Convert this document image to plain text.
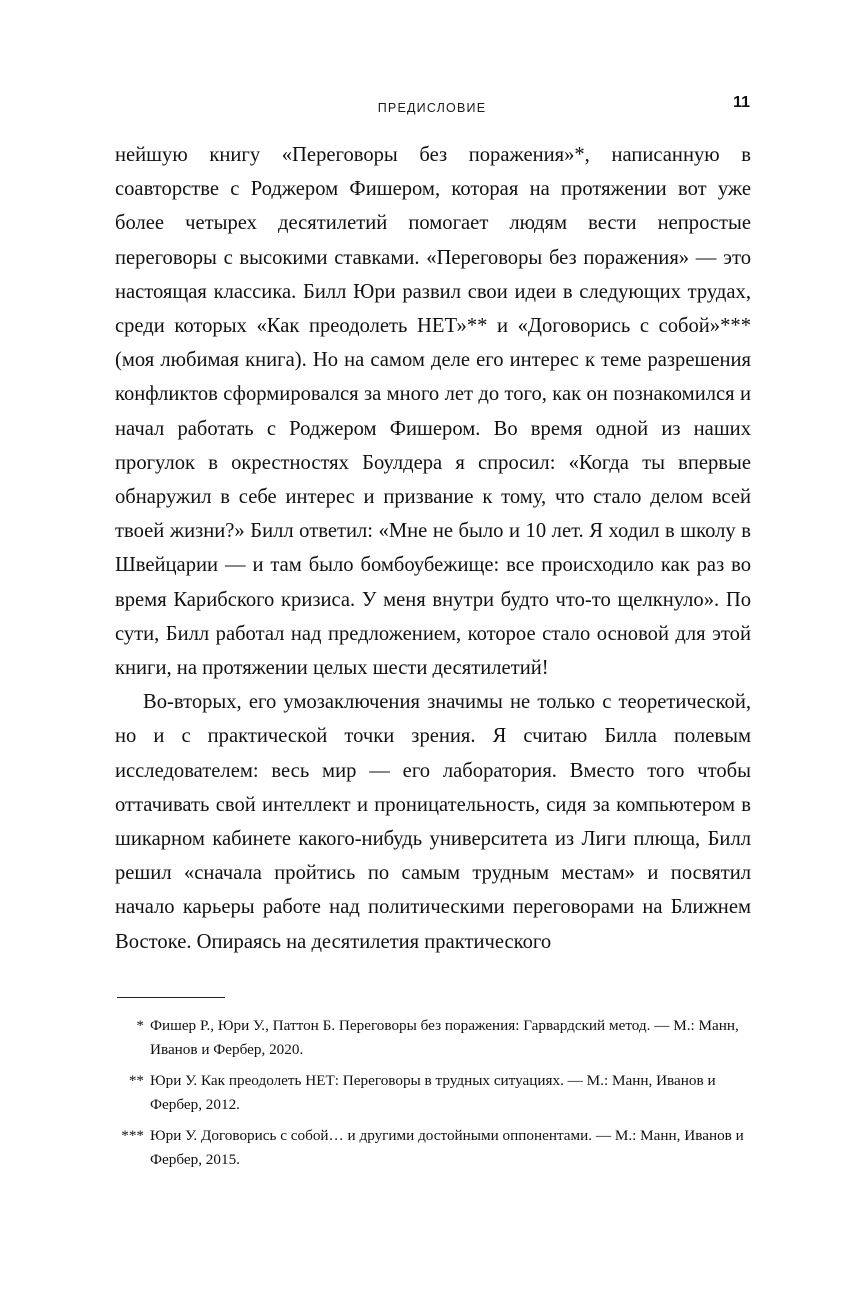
ПРЕДИСЛОВИЕ	11

нейшую книгу «Переговоры без поражения»*, написанную в соавторстве с Роджером Фишером, которая на протяжении вот уже более четырех десятилетий помогает людям вести непростые переговоры с высокими ставками. «Переговоры без поражения» — это настоящая классика. Билл Юри развил свои идеи в следующих трудах, среди которых «Как преодолеть НЕТ»** и «Договорись с собой»*** (моя любимая книга). Но на самом деле его интерес к теме разрешения конфликтов сформировался за много лет до того, как он познакомился и начал работать с Роджером Фишером. Во время одной из наших прогулок в окрестностях Боулдера я спросил: «Когда ты впервые обнаружил в себе интерес и призвание к тому, что стало делом всей твоей жизни?» Билл ответил: «Мне не было и 10 лет. Я ходил в школу в Швейцарии — и там было бомбоубежище: все происходило как раз во время Карибского кризиса. У меня внутри будто что-то щелкнуло». По сути, Билл работал над предложением, которое стало основой для этой книги, на протяжении целых шести десятилетий!

Во-вторых, его умозаключения значимы не только с теоретической, но и с практической точки зрения. Я считаю Билла полевым исследователем: весь мир — его лаборатория. Вместо того чтобы оттачивать свой интеллект и проницательность, сидя за компьютером в шикарном кабинете какого-нибудь университета из Лиги плюща, Билл решил «сначала пройтись по самым трудным местам» и посвятил начало карьеры работе над политическими переговорами на Ближнем Востоке. Опираясь на десятилетия практического

* Фишер Р., Юри У., Паттон Б. Переговоры без поражения: Гарвардский метод. — М.: Манн, Иванов и Фербер, 2020.
** Юри У. Как преодолеть НЕТ: Переговоры в трудных ситуациях. — М.: Манн, Иванов и Фербер, 2012.
*** Юри У. Договорись с собой… и другими достойными оппонентами. — М.: Манн, Иванов и Фербер, 2015.
